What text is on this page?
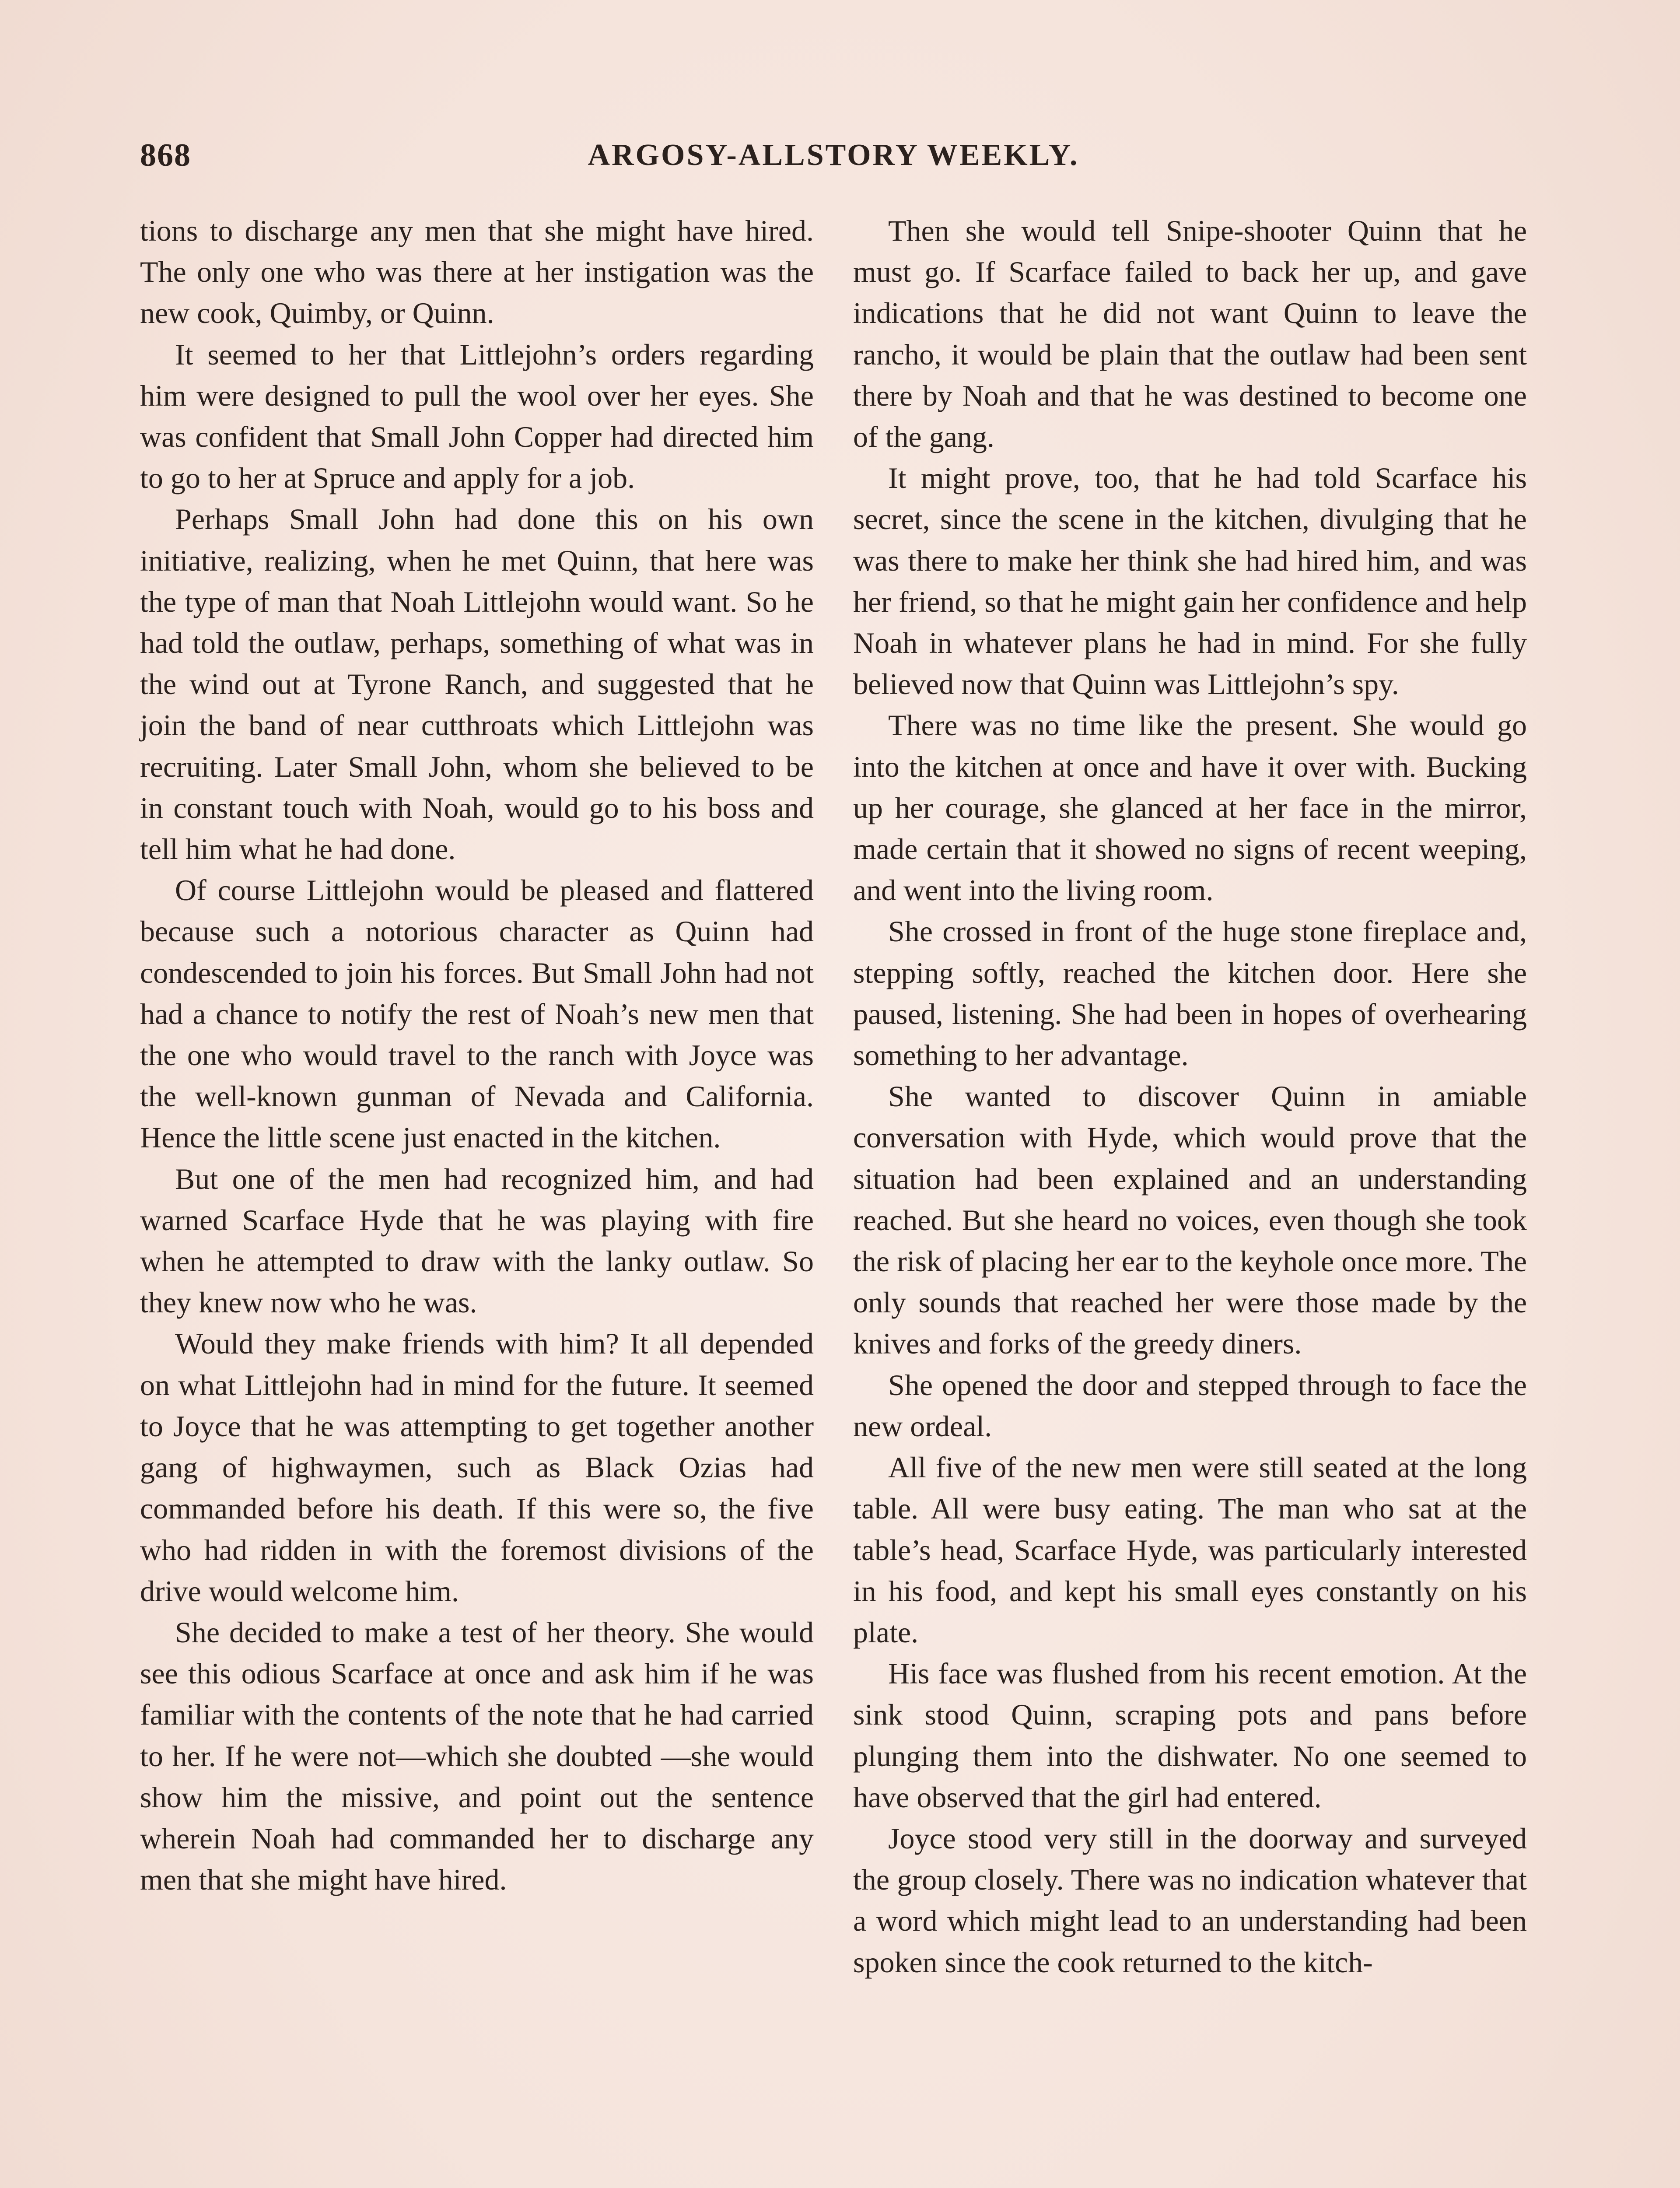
868	ARGOSY-ALLSTORY WEEKLY.

tions to discharge any men that she might have hired. The only one who was there at her instigation was the new cook, Quimby, or Quinn.

It seemed to her that Littlejohn’s orders regarding him were designed to pull the wool over her eyes. She was confident that Small John Copper had directed him to go to her at Spruce and apply for a job.

Perhaps Small John had done this on his own initiative, realizing, when he met Quinn, that here was the type of man that Noah Littlejohn would want. So he had told the outlaw, perhaps, something of what was in the wind out at Tyrone Ranch, and suggested that he join the band of near cutthroats which Littlejohn was recruiting. Later Small John, whom she believed to be in constant touch with Noah, would go to his boss and tell him what he had done.

Of course Littlejohn would be pleased and flattered because such a notorious character as Quinn had condescended to join his forces. But Small John had not had a chance to notify the rest of Noah’s new men that the one who would travel to the ranch with Joyce was the well-known gunman of Nevada and California. Hence the little scene just enacted in the kitchen.

But one of the men had recognized him, and had warned Scarface Hyde that he was playing with fire when he attempted to draw with the lanky outlaw. So they knew now who he was.

Would they make friends with him? It all depended on what Littlejohn had in mind for the future. It seemed to Joyce that he was attempting to get together another gang of highwaymen, such as Black Ozias had commanded before his death. If this were so, the five who had ridden in with the foremost divisions of the drive would welcome him.

She decided to make a test of her theory. She would see this odious Scarface at once and ask him if he was familiar with the contents of the note that he had carried to her. If he were not—which she doubted —she would show him the missive, and point out the sentence wherein Noah had commanded her to discharge any men that she might have hired.

Then she would tell Snipe-shooter Quinn that he must go. If Scarface failed to back her up, and gave indications that he did not want Quinn to leave the rancho, it would be plain that the outlaw had been sent there by Noah and that he was destined to become one of the gang.

It might prove, too, that he had told Scarface his secret, since the scene in the kitchen, divulging that he was there to make her think she had hired him, and was her friend, so that he might gain her confidence and help Noah in whatever plans he had in mind. For she fully believed now that Quinn was Littlejohn’s spy.

There was no time like the present. She would go into the kitchen at once and have it over with. Bucking up her courage, she glanced at her face in the mirror, made certain that it showed no signs of recent weeping, and went into the living room.

She crossed in front of the huge stone fireplace and, stepping softly, reached the kitchen door. Here she paused, listening. She had been in hopes of overhearing something to her advantage.

She wanted to discover Quinn in amiable conversation with Hyde, which would prove that the situation had been explained and an understanding reached. But she heard no voices, even though she took the risk of placing her ear to the keyhole once more. The only sounds that reached her were those made by the knives and forks of the greedy diners.

She opened the door and stepped through to face the new ordeal.

All five of the new men were still seated at the long table. All were busy eating. The man who sat at the table’s head, Scarface Hyde, was particularly interested in his food, and kept his small eyes constantly on his plate.

His face was flushed from his recent emotion. At the sink stood Quinn, scraping pots and pans before plunging them into the dishwater. No one seemed to have observed that the girl had entered.

Joyce stood very still in the doorway and surveyed the group closely. There was no indication whatever that a word which might lead to an understanding had been spoken since the cook returned to the kitch-
